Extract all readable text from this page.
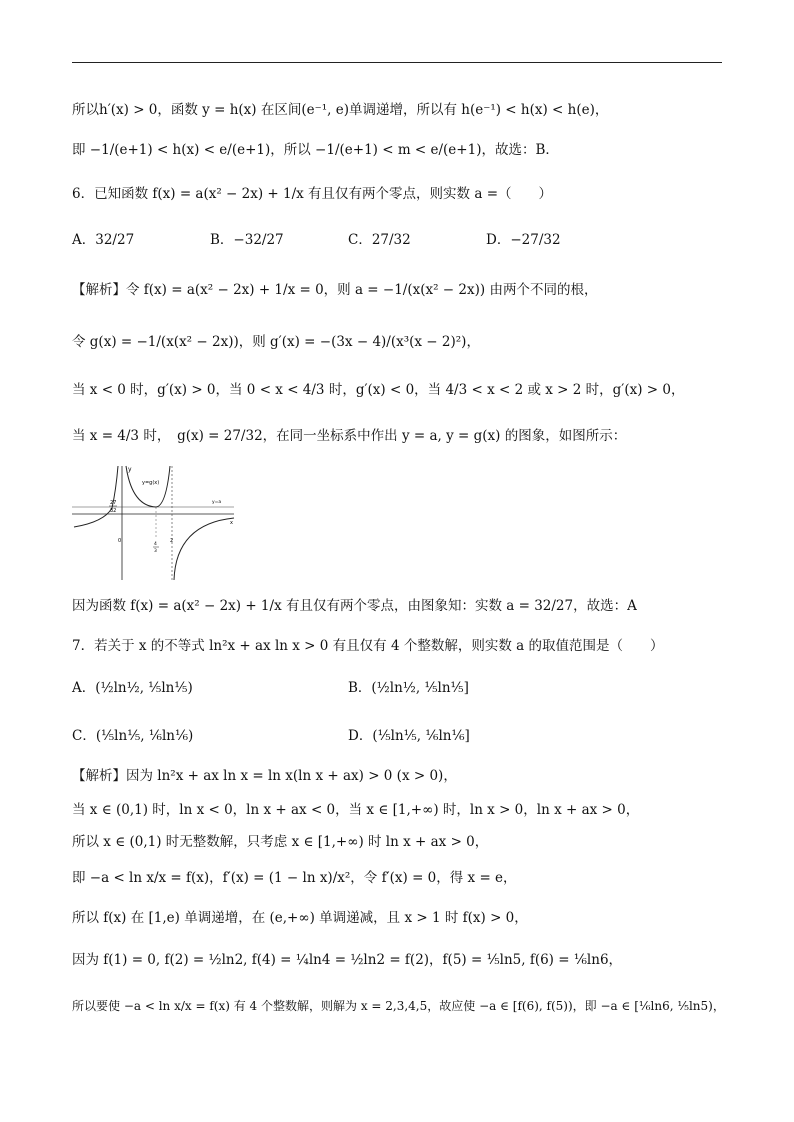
所以h′(x) > 0，函数 y = h(x) 在区间(e⁻¹, e)单调递增，所以有 h(e⁻¹) < h(x) < h(e)，
即 −1/(e+1) < h(x) < e/(e+1)，所以 −1/(e+1) < m < e/(e+1)，故选：B．
6．已知函数 f(x) = a(x² − 2x) + 1/x 有且仅有两个零点，则实数 a =（　　）
A．32/27	B．−32/27	C．27/32	D．−27/32
【解析】令 f(x) = a(x² − 2x) + 1/x = 0，则 a = −1/(x(x² − 2x)) 由两个不同的根，
令 g(x) = −1/(x(x² − 2x))，则 g′(x) = −(3x − 4)/(x³(x − 2)²)，
当 x < 0 时，g′(x) > 0，当 0 < x < 4/3 时，g′(x) < 0，当 4/3 < x < 2 或 x > 2 时，g′(x) > 0，
当 x = 4/3 时，　g(x) = 27/32，在同一坐标系中作出 y = a, y = g(x) 的图象，如图所示：
y
y=g(x)
y=a
27
32
0
4
3
2
x
因为函数 f(x) = a(x² − 2x) + 1/x 有且仅有两个零点，由图象知：实数 a = 32/27，故选：A
7．若关于 x 的不等式 ln²x + ax ln x > 0 有且仅有 4 个整数解，则实数 a 的取值范围是（　　）
A．(½ln½, ⅕ln⅕)	B．(½ln½, ⅕ln⅕]
C．(⅕ln⅕, ⅙ln⅙)	D．(⅕ln⅕, ⅙ln⅙]
【解析】因为 ln²x + ax ln x = ln x(ln x + ax) > 0 (x > 0)，
当 x ∈ (0,1) 时，ln x < 0，ln x + ax < 0，当 x ∈ [1,+∞) 时，ln x > 0，ln x + ax > 0，
所以 x ∈ (0,1) 时无整数解，只考虑 x ∈ [1,+∞) 时 ln x + ax > 0，
即 −a < ln x/x = f(x)，f′(x) = (1 − ln x)/x²，令 f′(x) = 0，得 x = e，
所以 f(x) 在 [1,e) 单调递增，在 (e,+∞) 单调递减，且 x > 1 时 f(x) > 0，
因为 f(1) = 0, f(2) = ½ln2, f(4) = ¼ln4 = ½ln2 = f(2)，f(5) = ⅕ln5, f(6) = ⅙ln6，
所以要使 −a < ln x/x = f(x) 有 4 个整数解，则解为 x = 2,3,4,5，故应使 −a ∈ [f(6), f(5))，即 −a ∈ [⅙ln6, ⅕ln5)，
